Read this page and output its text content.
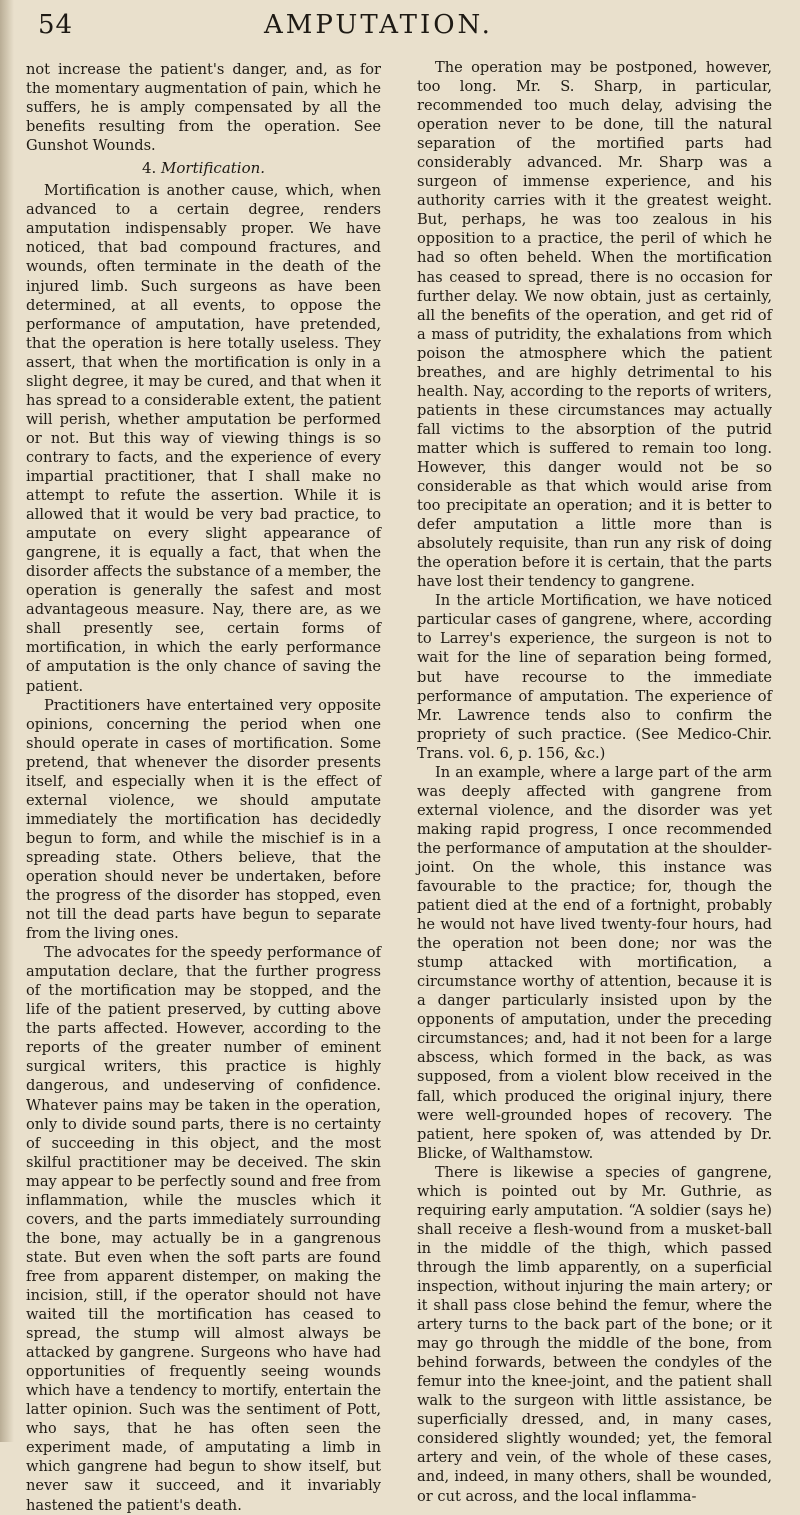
54	AMPUTATION.

not increase the patient's danger, and, as for the momentary augmentation of pain, which he suffers, he is amply compensated by all the benefits resulting from the operation. See Gunshot Wounds.

4. Mortification.

Mortification is another cause, which, when advanced to a certain degree, renders amputation indispensably proper. We have noticed, that bad compound fractures, and wounds, often terminate in the death of the injured limb. Such surgeons as have been determined, at all events, to oppose the performance of amputation, have pretended, that the operation is here totally useless. They assert, that when the mortification is only in a slight degree, it may be cured, and that when it has spread to a considerable extent, the patient will perish, whether amputation be performed or not. But this way of viewing things is so contrary to facts, and the experience of every impartial practitioner, that I shall make no attempt to refute the assertion. While it is allowed that it would be very bad practice, to amputate on every slight appearance of gangrene, it is equally a fact, that when the disorder affects the substance of a member, the operation is generally the safest and most advantageous measure. Nay, there are, as we shall presently see, certain forms of mortification, in which the early performance of amputation is the only chance of saving the patient.

Practitioners have entertained very opposite opinions, concerning the period when one should operate in cases of mortification. Some pretend, that whenever the disorder presents itself, and especially when it is the effect of external violence, we should amputate immediately the mortification has decidedly begun to form, and while the mischief is in a spreading state. Others believe, that the operation should never be undertaken, before the progress of the disorder has stopped, even not till the dead parts have begun to separate from the living ones.

The advocates for the speedy performance of amputation declare, that the further progress of the mortification may be stopped, and the life of the patient preserved, by cutting above the parts affected. However, according to the reports of the greater number of eminent surgical writers, this practice is highly dangerous, and undeserving of confidence. Whatever pains may be taken in the operation, only to divide sound parts, there is no certainty of succeeding in this object, and the most skilful practitioner may be deceived. The skin may appear to be perfectly sound and free from inflammation, while the muscles which it covers, and the parts immediately surrounding the bone, may actually be in a gangrenous state. But even when the soft parts are found free from apparent distemper, on making the incision, still, if the operator should not have waited till the mortification has ceased to spread, the stump will almost always be attacked by gangrene. Surgeons who have had opportunities of frequently seeing wounds which have a tendency to mortify, entertain the latter opinion. Such was the sentiment of Pott, who says, that he has often seen the experiment made, of amputating a limb in which gangrene had begun to show itself, but never saw it succeed, and it invariably hastened the patient's death.

The operation may be postponed, however, too long. Mr. S. Sharp, in particular, recommended too much delay, advising the operation never to be done, till the natural separation of the mortified parts had considerably advanced. Mr. Sharp was a surgeon of immense experience, and his authority carries with it the greatest weight. But, perhaps, he was too zealous in his opposition to a practice, the peril of which he had so often beheld. When the mortification has ceased to spread, there is no occasion for further delay. We now obtain, just as certainly, all the benefits of the operation, and get rid of a mass of putridity, the exhalations from which poison the atmosphere which the patient breathes, and are highly detrimental to his health. Nay, according to the reports of writers, patients in these circumstances may actually fall victims to the absorption of the putrid matter which is suffered to remain too long. However, this danger would not be so considerable as that which would arise from too precipitate an operation; and it is better to defer amputation a little more than is absolutely requisite, than run any risk of doing the operation before it is certain, that the parts have lost their tendency to gangrene.

In the article Mortification, we have noticed particular cases of gangrene, where, according to Larrey's experience, the surgeon is not to wait for the line of separation being formed, but have recourse to the immediate performance of amputation. The experience of Mr. Lawrence tends also to confirm the propriety of such practice. (See Medico-Chir. Trans. vol. 6, p. 156, &c.)

In an example, where a large part of the arm was deeply affected with gangrene from external violence, and the disorder was yet making rapid progress, I once recommended the performance of amputation at the shoulder-joint. On the whole, this instance was favourable to the practice; for, though the patient died at the end of a fortnight, probably he would not have lived twenty-four hours, had the operation not been done; nor was the stump attacked with mortification, a circumstance worthy of attention, because it is a danger particularly insisted upon by the opponents of amputation, under the preceding circumstances; and, had it not been for a large abscess, which formed in the back, as was supposed, from a violent blow received in the fall, which produced the original injury, there were well-grounded hopes of recovery. The patient, here spoken of, was attended by Dr. Blicke, of Walthamstow.

There is likewise a species of gangrene, which is pointed out by Mr. Guthrie, as requiring early amputation. “A soldier (says he) shall receive a flesh-wound from a musket-ball in the middle of the thigh, which passed through the limb apparently, on a superficial inspection, without injuring the main artery; or it shall pass close behind the femur, where the artery turns to the back part of the bone; or it may go through the middle of the bone, from behind forwards, between the condyles of the femur into the knee-joint, and the patient shall walk to the surgeon with little assistance, be superficially dressed, and, in many cases, considered slightly wounded; yet, the femoral artery and vein, of the whole of these cases, and, indeed, in many others, shall be wounded, or cut across, and the local inflamma-
